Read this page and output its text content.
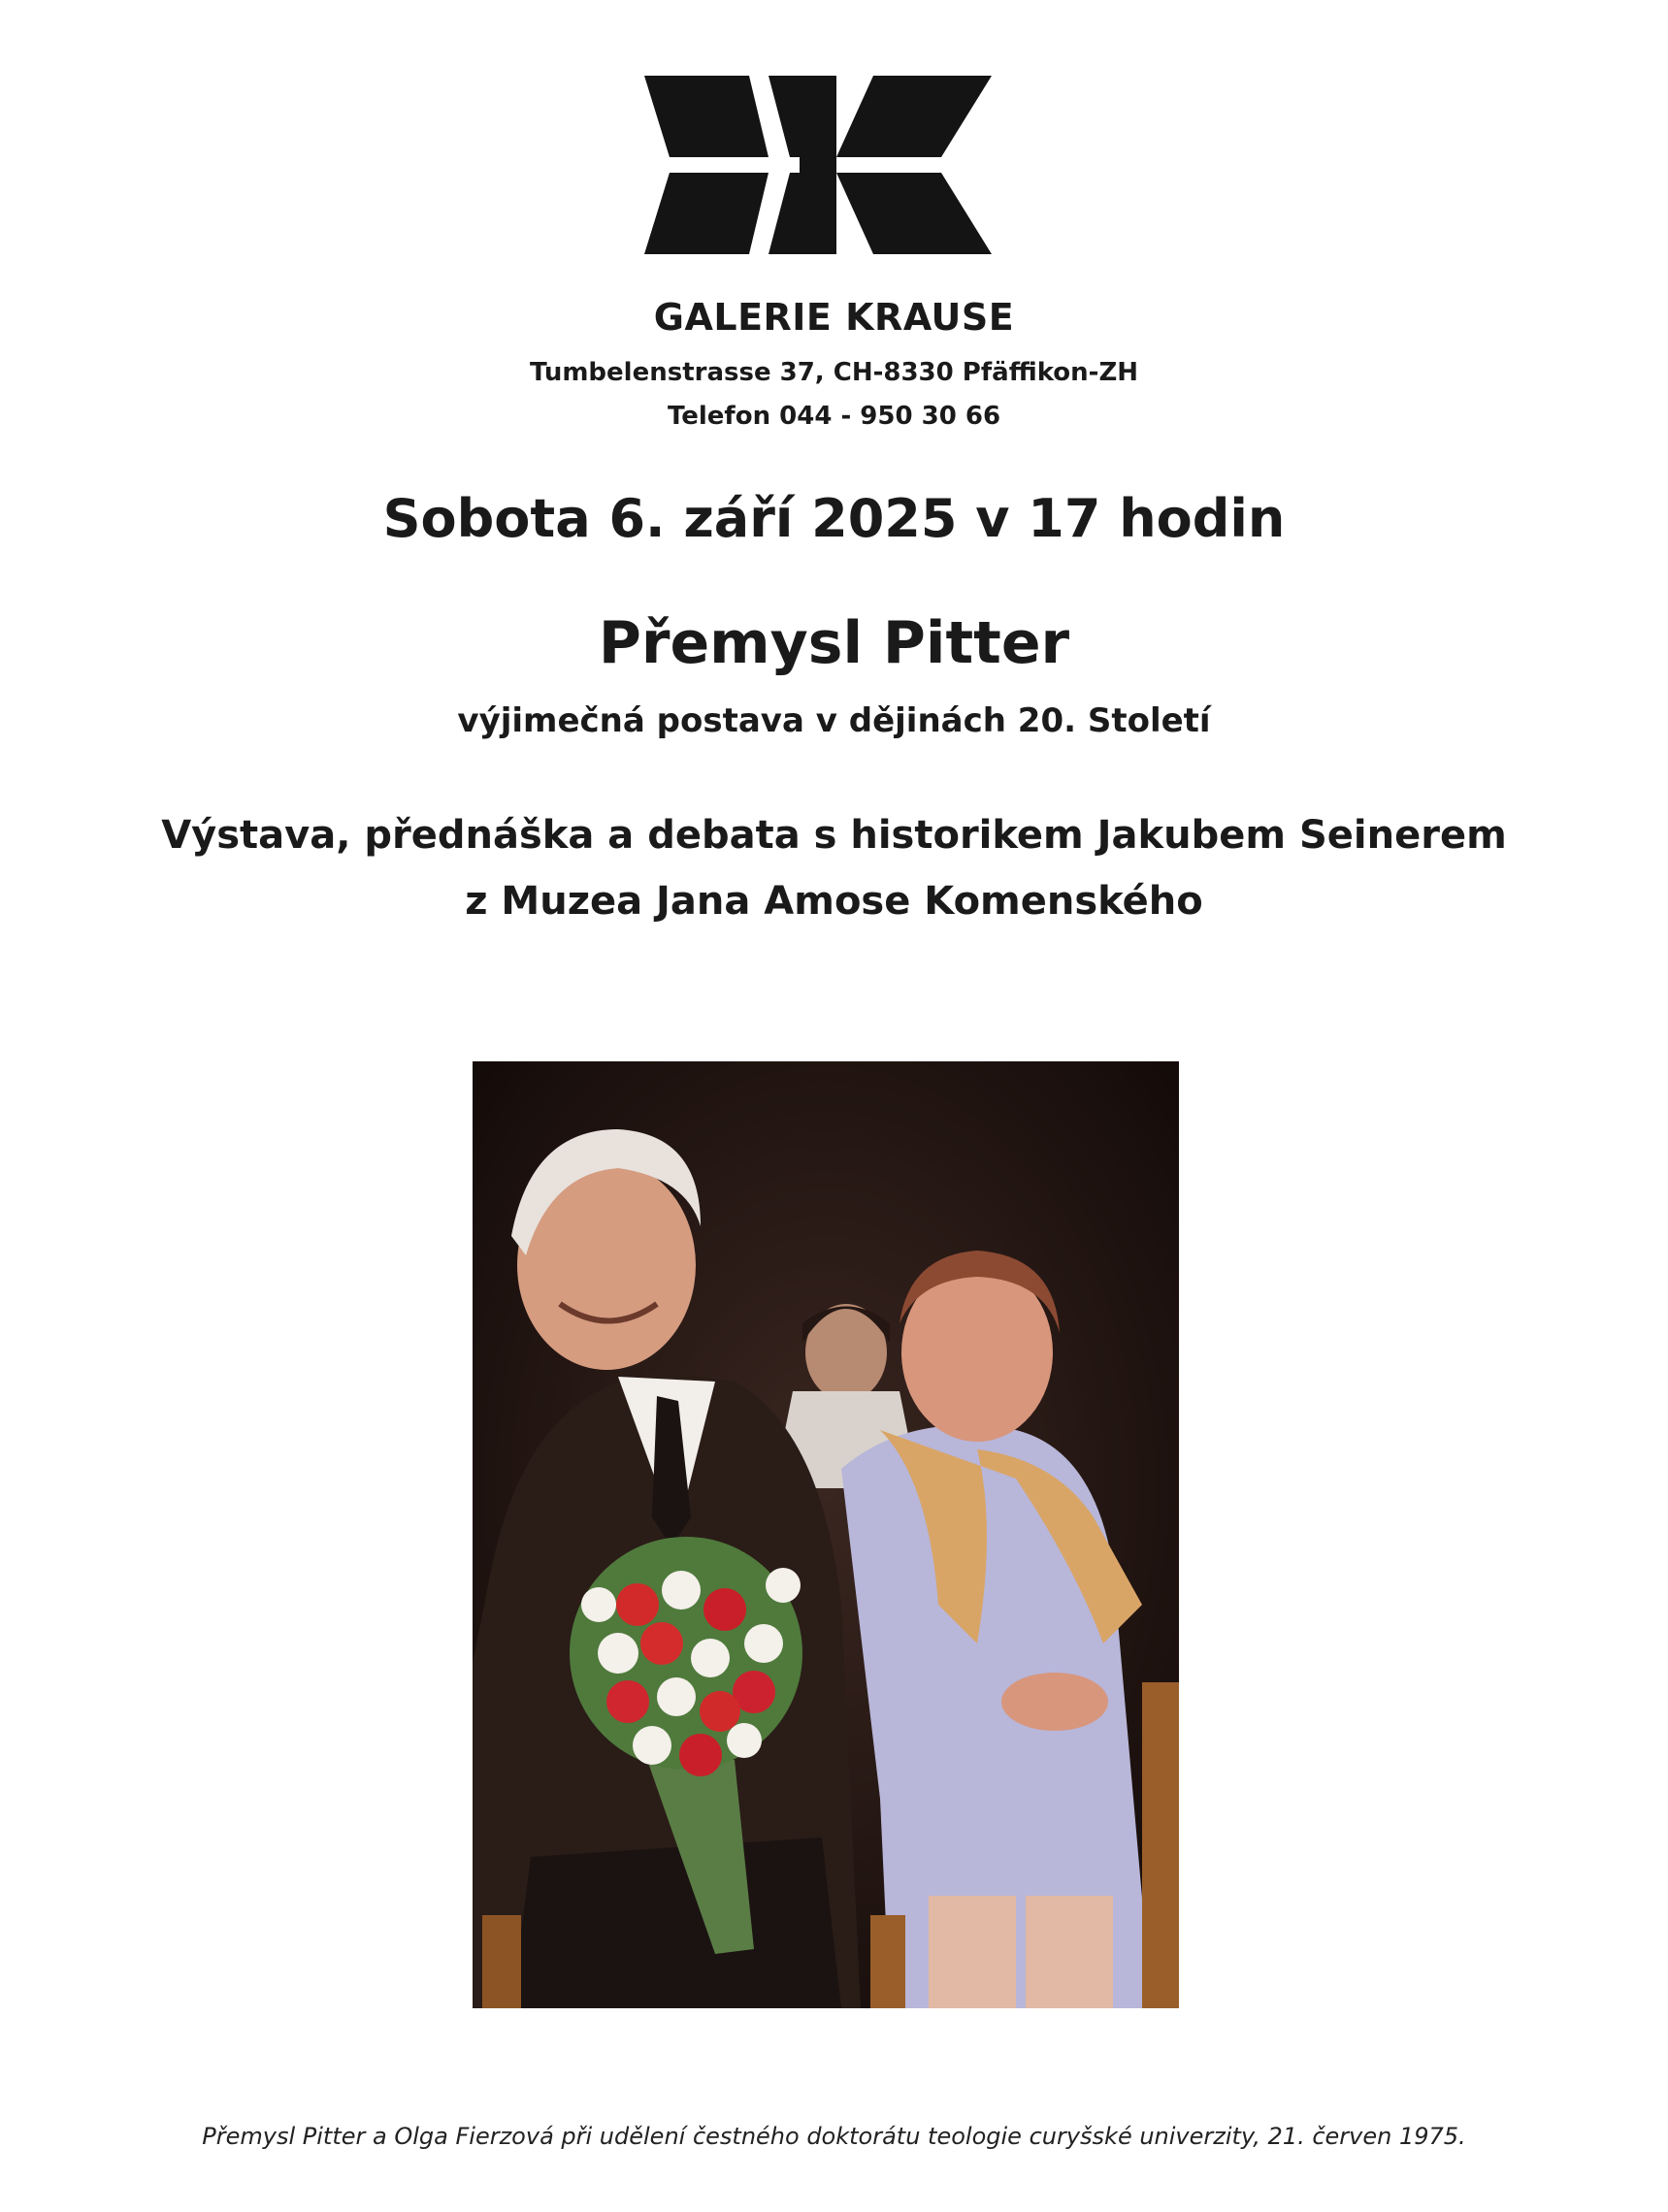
GALERIE KRAUSE
Tumbelenstrasse 37, CH-8330 Pfäffikon-ZH
Telefon 044 - 950 30 66
Sobota 6. září 2025 v 17 hodin
Přemysl Pitter
výjimečná postava v dějinách 20. Století
Výstava, přednáška a debata s historikem Jakubem Seinerem
z Muzea Jana Amose Komenského
Přemysl Pitter a Olga Fierzová při udělení čestného doktorátu teologie curyšské univerzity, 21. červen 1975.
